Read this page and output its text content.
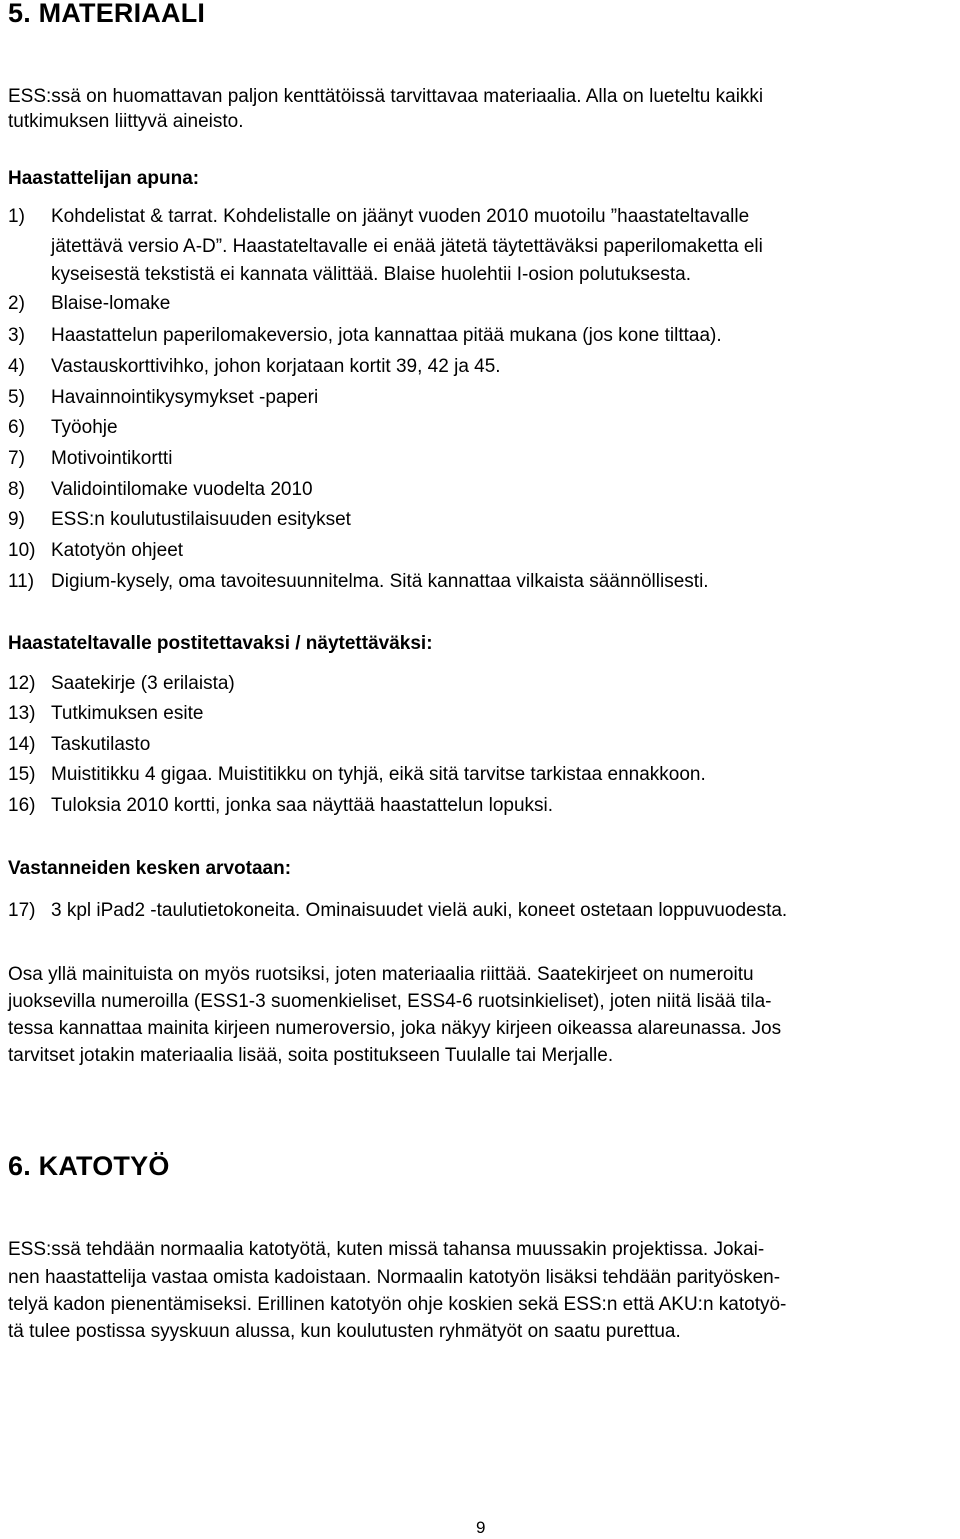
5. MATERIAALI
ESS:ssä on huomattavan paljon kenttätöissä tarvittavaa materiaalia. Alla on lueteltu kaikki
tutkimuksen liittyvä aineisto.
Haastattelijan apuna:
1) Kohdelistat & tarrat. Kohdelistalle on jäänyt vuoden 2010 muotoilu ”haastateltavalle
jätettävä versio A-D”. Haastateltavalle ei enää jätetä täytettäväksi paperilomaketta eli
kyseisestä tekstistä ei kannata välittää. Blaise huolehtii I-osion polutuksesta.
2) Blaise-lomake
3) Haastattelun paperilomakeversio, jota kannattaa pitää mukana (jos kone tilttaa).
4) Vastauskorttivihko, johon korjataan kortit 39, 42 ja 45.
5) Havainnointikysymykset -paperi
6) Työohje
7) Motivointikortti
8) Validointilomake vuodelta 2010
9) ESS:n koulutustilaisuuden esitykset
10) Katotyön ohjeet
11) Digium-kysely, oma tavoitesuunnitelma. Sitä kannattaa vilkaista säännöllisesti.
Haastateltavalle postitettavaksi / näytettäväksi:
12) Saatekirje (3 erilaista)
13) Tutkimuksen esite
14) Taskutilasto
15) Muistitikku 4 gigaa. Muistitikku on tyhjä, eikä sitä tarvitse tarkistaa ennakkoon.
16) Tuloksia 2010 kortti, jonka saa näyttää haastattelun lopuksi.
Vastanneiden kesken arvotaan:
17) 3 kpl iPad2 -taulutietokoneita. Ominaisuudet vielä auki, koneet ostetaan loppuvuodesta.
Osa yllä mainituista on myös ruotsiksi, joten materiaalia riittää. Saatekirjeet on numeroitu
juoksevilla numeroilla (ESS1-3 suomenkieliset, ESS4-6 ruotsinkieliset), joten niitä lisää tila-
tessa kannattaa mainita kirjeen numeroversio, joka näkyy kirjeen oikeassa alareunassa. Jos
tarvitset jotakin materiaalia lisää, soita postitukseen Tuulalle tai Merjalle.
6. KATOTYÖ
ESS:ssä tehdään normaalia katotyötä, kuten missä tahansa muussakin projektissa. Jokai-
nen haastattelija vastaa omista kadoistaan. Normaalin katotyön lisäksi tehdään parityösken-
telyä kadon pienentämiseksi. Erillinen katotyön ohje koskien sekä ESS:n että AKU:n katotyö-
tä tulee postissa syyskuun alussa, kun koulutusten ryhmätyöt on saatu purettua.
9
